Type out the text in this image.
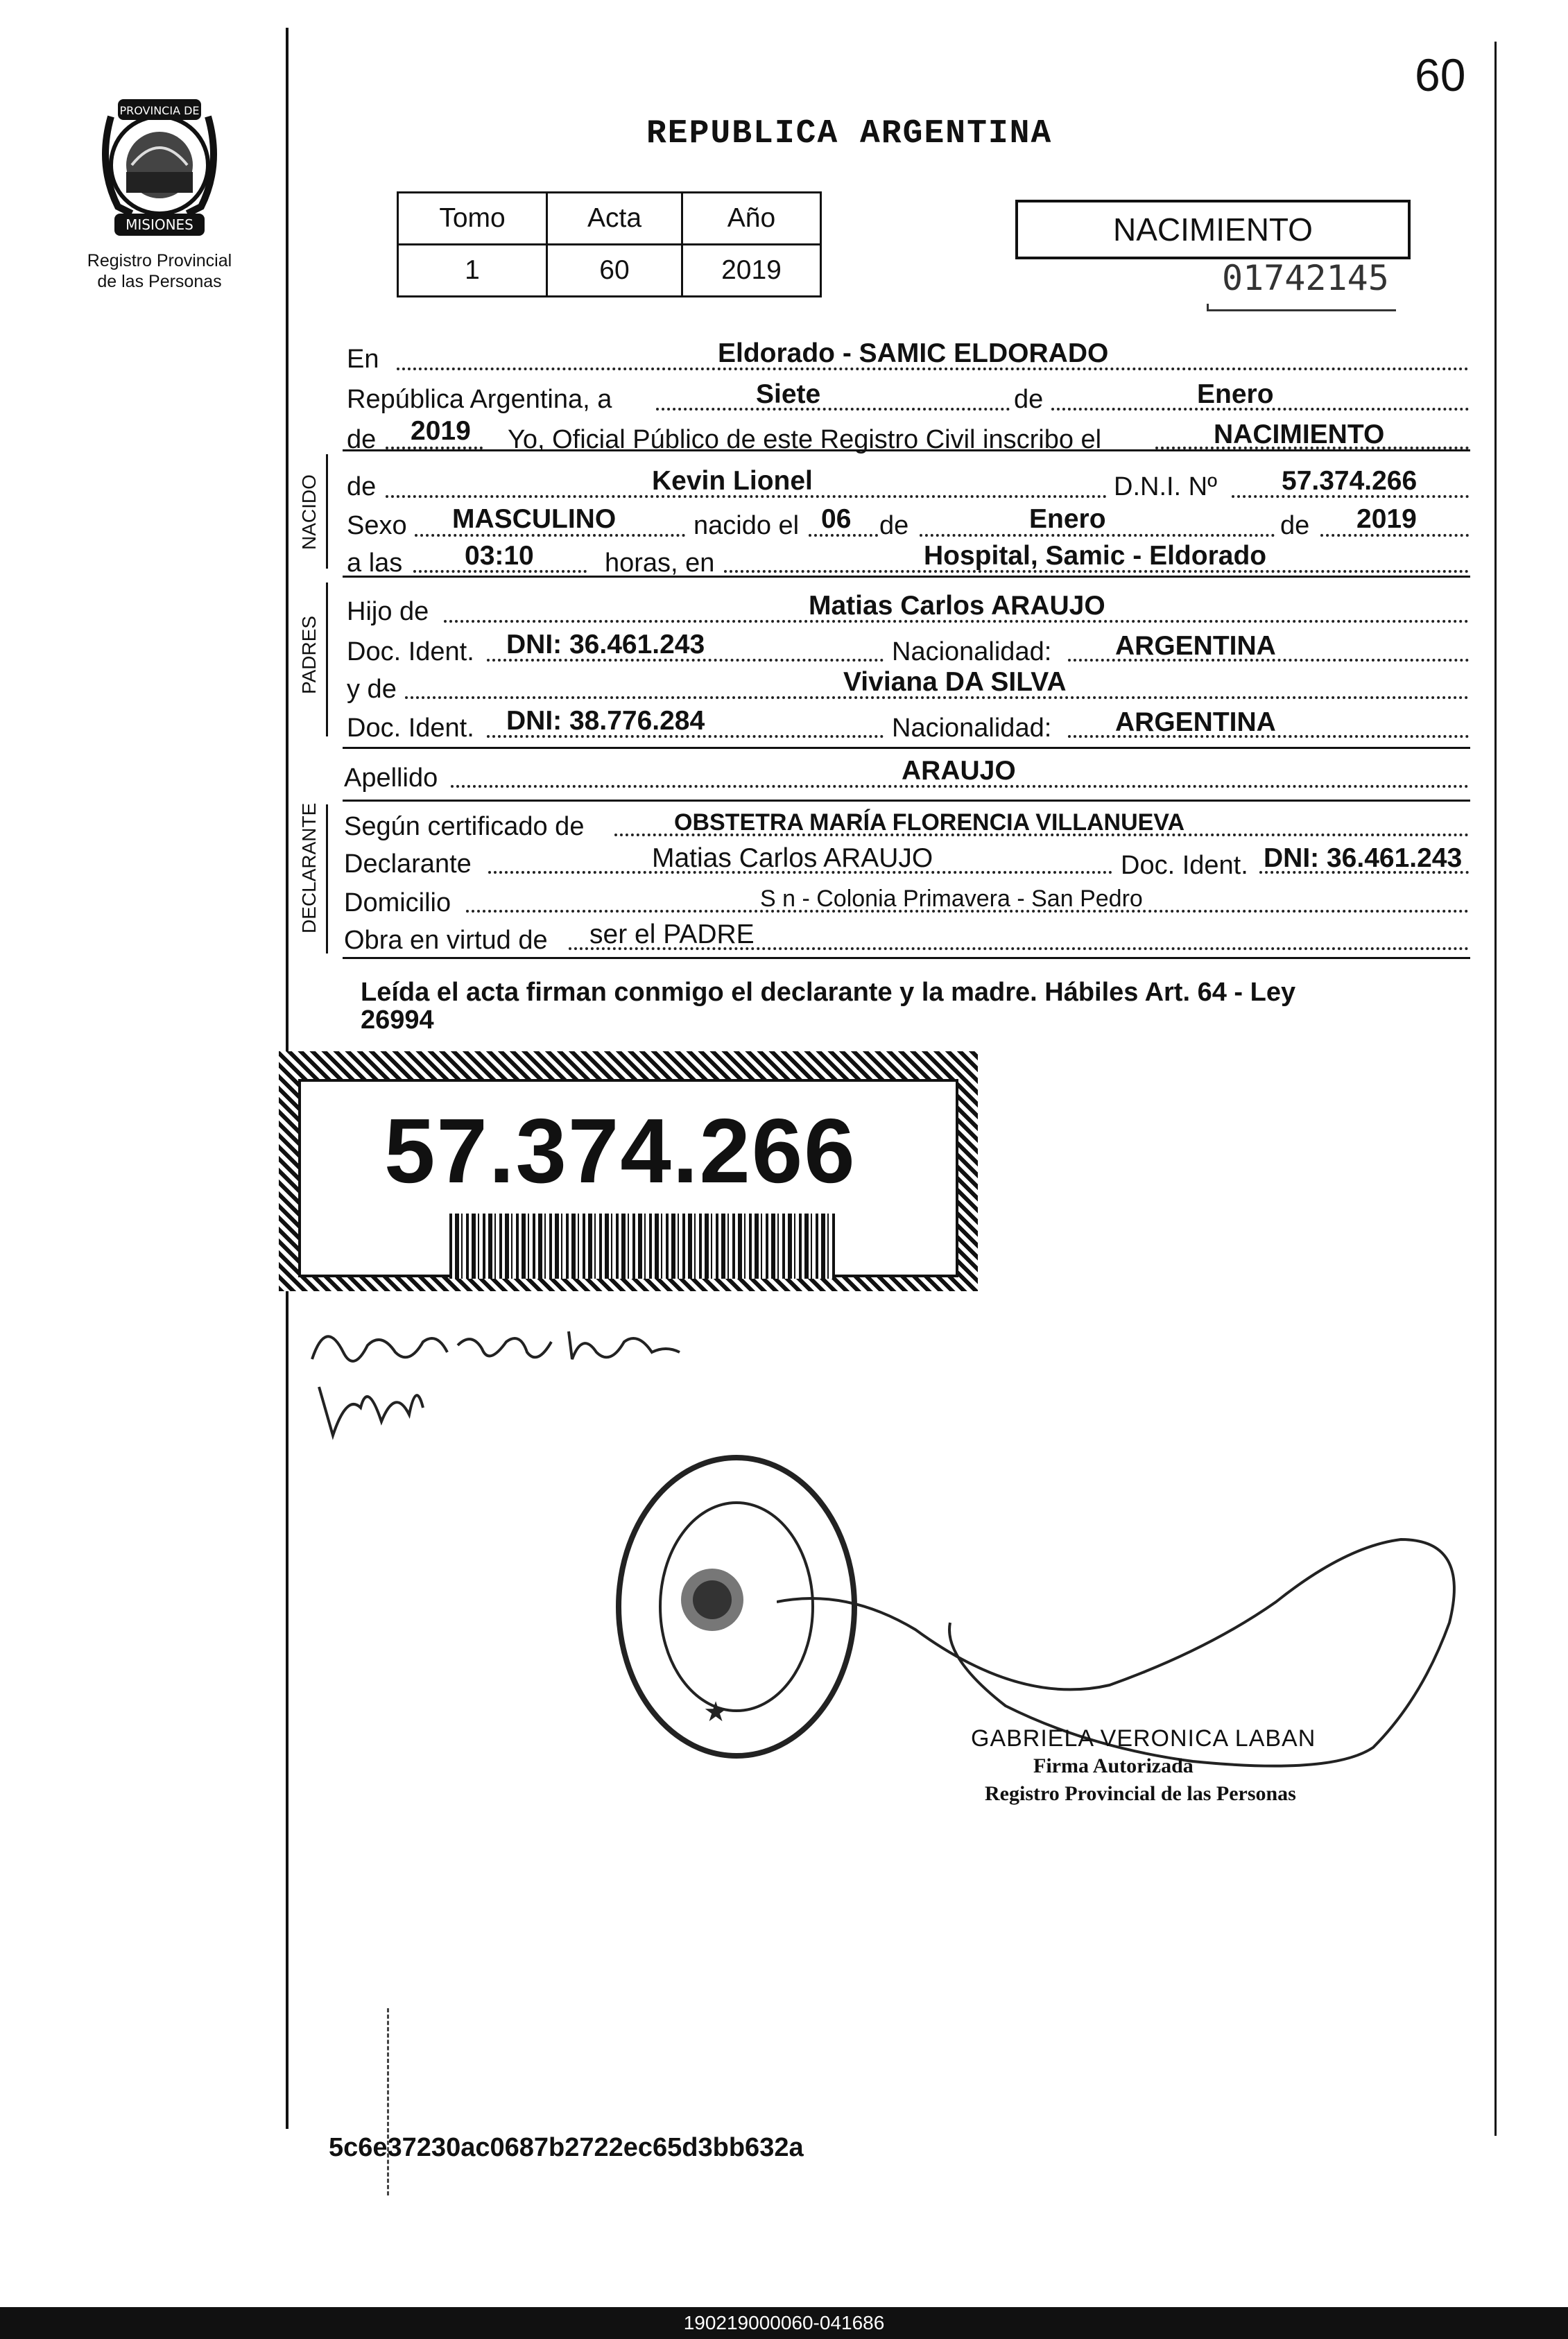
60
PROVINCIA DE
MISIONES
Registro Provincial
de las Personas
REPUBLICA ARGENTINA
Tomo	Acta	Año
1	60	2019
NACIMIENTO
01742145
NACIDO
PADRES
DECLARANTE
En	Eldorado - SAMIC ELDORADO
República Argentina, a	Siete	de	Enero
de 2019 Yo, Oficial Público de este Registro Civil inscribo el	NACIMIENTO
de	Kevin Lionel	D.N.I. Nº 57.374.266
Sexo MASCULINO	nacido el 06 de	Enero	de 2019
a las 03:10	horas, en	Hospital, Samic - Eldorado
Hijo de	Matias Carlos ARAUJO
Doc. Ident. DNI: 36.461.243	Nacionalidad: ARGENTINA
y de	Viviana DA SILVA
Doc. Ident. DNI: 38.776.284	Nacionalidad: ARGENTINA
Apellido	ARAUJO
Según certificado de	OBSTETRA MARÍA FLORENCIA VILLANUEVA
Declarante	Matias Carlos ARAUJO	Doc. Ident. DNI: 36.461.243
Domicilio	S n - Colonia Primavera - San Pedro
Obra en virtud de ser el PADRE
Leída el acta firman conmigo el declarante y la madre. Hábiles Art. 64 - Ley
26994
57.374.266
★
GABRIELA VERONICA LABAN
Firma Autorizada
Registro Provincial de las Personas
5c6e37230ac0687b2722ec65d3bb632a
190219000060-041686
